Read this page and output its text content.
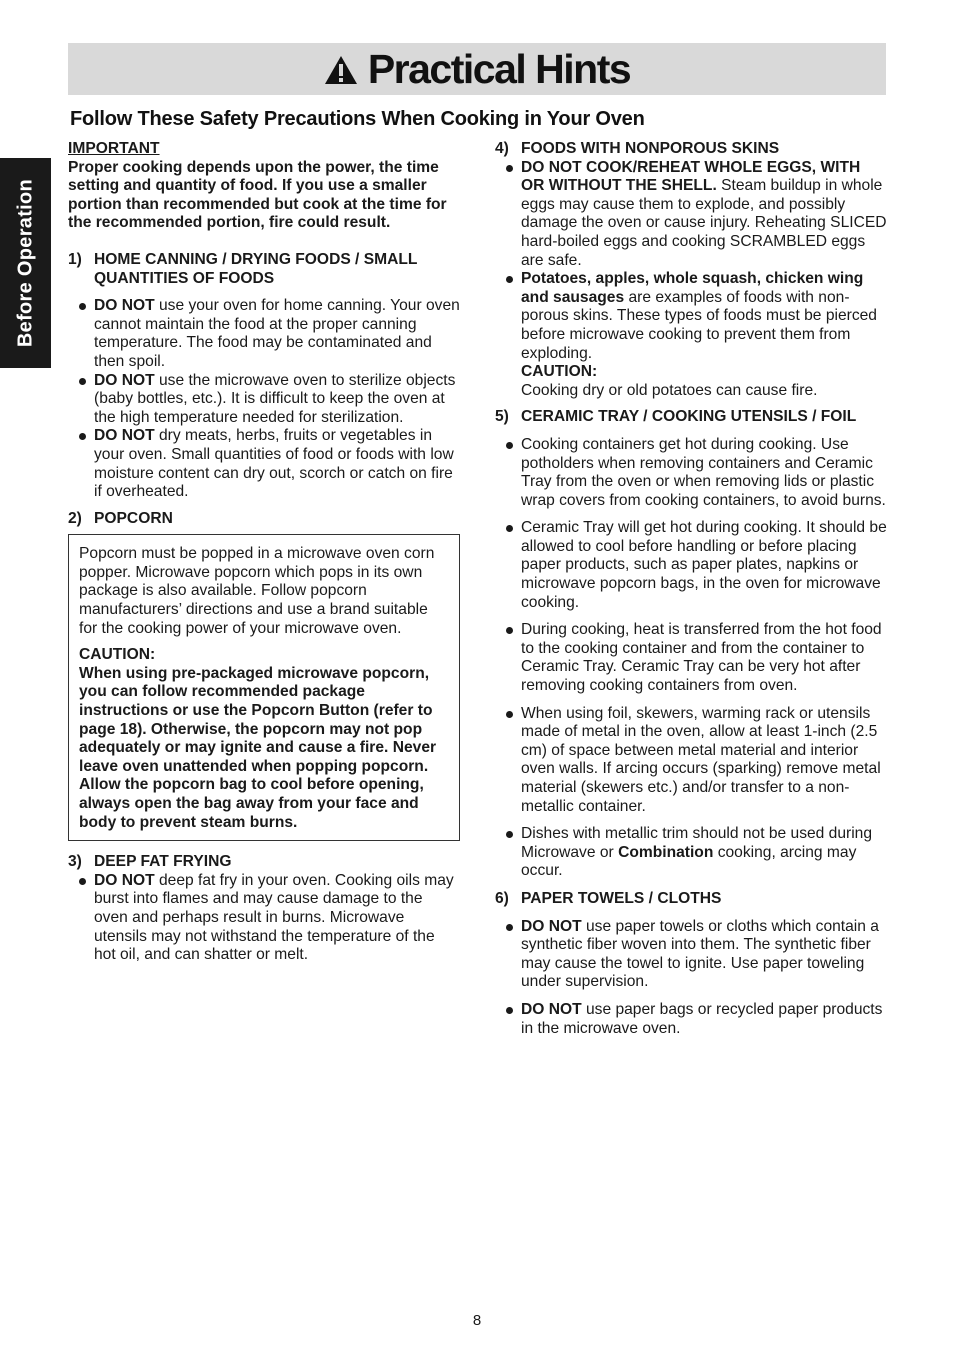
Practical Hints
Follow These Safety Precautions When Cooking in Your Oven
Before Operation

IMPORTANT

Proper cooking depends upon the power, the time setting and quantity of food. If you use a smaller portion than recommended but cook at the time for the recommended portion, fire could result.

1) HOME CANNING / DRYING FOODS / SMALL QUANTITIES OF FOODS

DO NOT use your oven for home canning. Your oven cannot maintain the food at the proper canning temperature. The food may be contaminated and then spoil.

DO NOT use the microwave oven to sterilize objects (baby bottles, etc.). It is difficult to keep the oven at the high temperature needed for sterilization.

DO NOT dry meats, herbs, fruits or vegetables in your oven. Small quantities of food or foods with low moisture content can dry out, scorch or catch on fire if overheated.

2) POPCORN

Popcorn must be popped in a microwave oven corn popper. Microwave popcorn which pops in its own package is also available. Follow popcorn manufacturers’ directions and use a brand suitable for the cooking power of your microwave oven.

CAUTION:

When using pre-packaged microwave popcorn, you can follow recommended package instructions or use the Popcorn Button (refer to page 18). Otherwise, the popcorn may not pop adequately or may ignite and cause a fire. Never leave oven unattended when popping popcorn. Allow the popcorn bag to cool before opening, always open the bag away from your face and body to prevent steam burns.

3) DEEP FAT FRYING

DO NOT deep fat fry in your oven. Cooking oils may burst into flames and may cause damage to the oven and perhaps result in burns. Microwave utensils may not withstand the temperature of the hot oil, and can shatter or melt.

4) FOODS WITH NONPOROUS SKINS

DO NOT COOK/REHEAT WHOLE EGGS, WITH OR WITHOUT THE SHELL. Steam buildup in whole eggs may cause them to explode, and possibly damage the oven or cause injury. Reheating SLICED hard-boiled eggs and cooking SCRAMBLED eggs are safe.

Potatoes, apples, whole squash, chicken wing and sausages are examples of foods with non-porous skins. These types of foods must be pierced before microwave cooking to prevent them from exploding.

CAUTION:

Cooking dry or old potatoes can cause fire.

5) CERAMIC TRAY / COOKING UTENSILS / FOIL

Cooking containers get hot during cooking. Use potholders when removing containers and Ceramic Tray from the oven or when removing lids or plastic wrap covers from cooking containers, to avoid burns.

Ceramic Tray will get hot during cooking. It should be allowed to cool before handling or before placing paper products, such as paper plates, napkins or microwave popcorn bags, in the oven for microwave cooking.

During cooking, heat is transferred from the hot food to the cooking container and from the container to Ceramic Tray. Ceramic Tray can be very hot after removing cooking containers from oven.

When using foil, skewers, warming rack or utensils made of metal in the oven, allow at least 1-inch (2.5 cm) of space between metal material and interior oven walls. If arcing occurs (sparking) remove metal material (skewers etc.) and/or transfer to a non-metallic container.

Dishes with metallic trim should not be used during Microwave or Combination cooking, arcing may occur.

6) PAPER TOWELS / CLOTHS

DO NOT use paper towels or cloths which contain a synthetic fiber woven into them. The synthetic fiber may cause the towel to ignite. Use paper toweling under supervision.

DO NOT use paper bags or recycled paper products in the microwave oven.

8
